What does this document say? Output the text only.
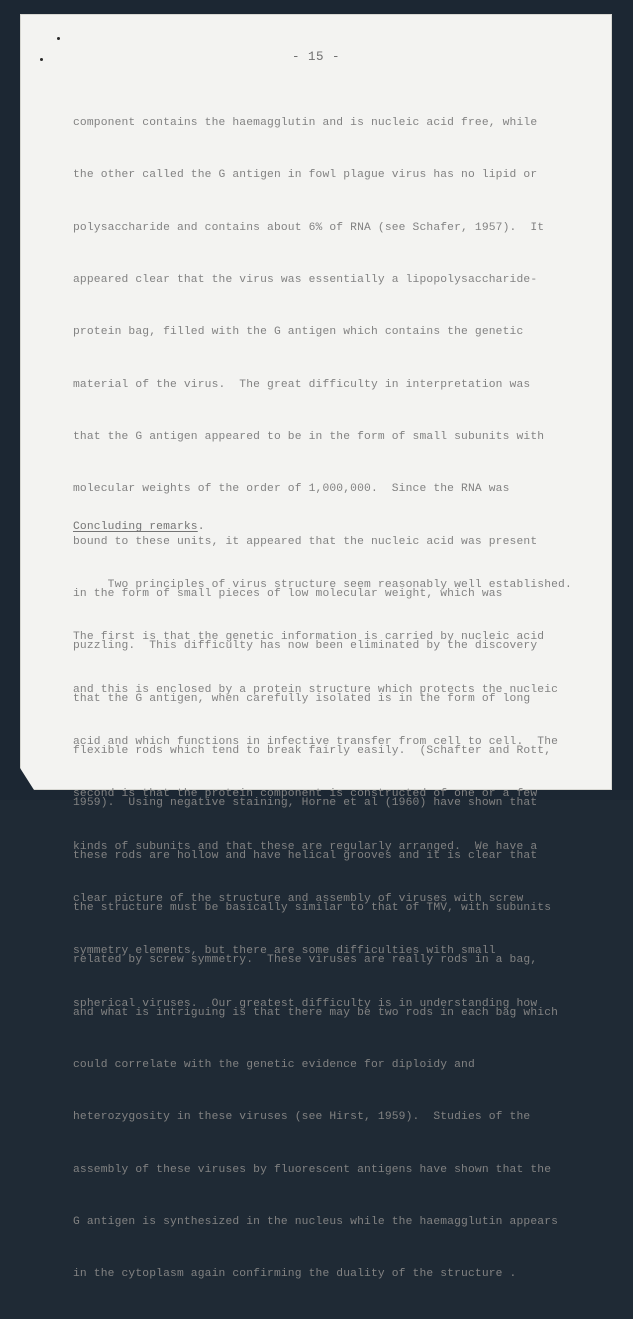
- 15 -

component contains the haemagglutin and is nucleic acid free, while

the other called the G antigen in fowl plague virus has no lipid or

polysaccharide and contains about 6% of RNA (see Schafer, 1957).  It

appeared clear that the virus was essentially a lipopolysaccharide-

protein bag, filled with the G antigen which contains the genetic

material of the virus.  The great difficulty in interpretation was

that the G antigen appeared to be in the form of small subunits with

molecular weights of the order of 1,000,000.  Since the RNA was

bound to these units, it appeared that the nucleic acid was present

in the form of small pieces of low molecular weight, which was

puzzling.  This difficulty has now been eliminated by the discovery

that the G antigen, when carefully isolated is in the form of long

flexible rods which tend to break fairly easily.  (Schafter and Rott,

1959).  Using negative staining, Horne et al (1960) have shown that

these rods are hollow and have helical grooves and it is clear that

the structure must be basically similar to that of TMV, with subunits

related by screw symmetry.  These viruses are really rods in a bag,

and what is intriguing is that there may be two rods in each bag which

could correlate with the genetic evidence for diploidy and

heterozygosity in these viruses (see Hirst, 1959).  Studies of the

assembly of these viruses by fluorescent antigens have shown that the

G antigen is synthesized in the nucleus while the haemagglutin appears

in the cytoplasm again confirming the duality of the structure .

Concluding remarks.

Two principles of virus structure seem reasonably well established.

The first is that the genetic information is carried by nucleic acid

and this is enclosed by a protein structure which protects the nucleic

acid and which functions in infective transfer from cell to cell.  The

second is that the protein component is constructed of one or a few

kinds of subunits and that these are regularly arranged.  We have a

clear picture of the structure and assembly of viruses with screw

symmetry elements, but there are some difficulties with small

spherical viruses.  Our greatest difficulty is in understanding how
